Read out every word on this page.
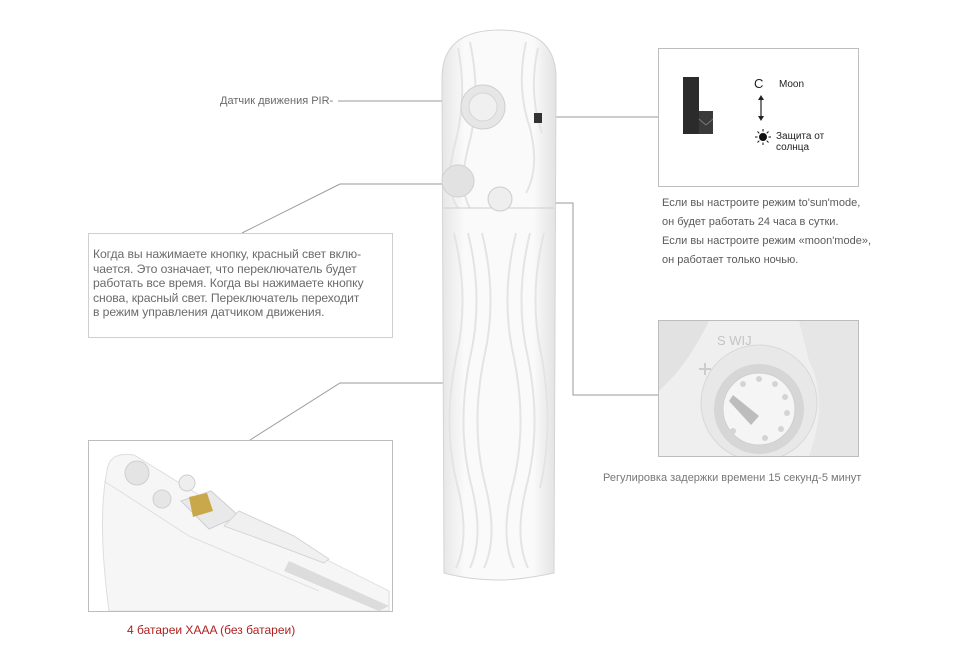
Датчик движения PIR-
Когда вы нажимаете кнопку, красный свет вклю-
чается. Это означает, что переключатель будет
работать все время. Когда вы нажимаете кнопку
снова, красный свет. Переключатель переходит
в режим управления датчиком движения.
C Moon
Защита от солнца
Если вы настроите режим to'sun'mode,
он будет работать 24 часа в сутки.
Если вы настроите режим «moon'mode»,
он работает только ночью.
S WIJ
Регулировка задержки времени 15 секунд-5 минут
4 батареи XAAA (без батареи)
